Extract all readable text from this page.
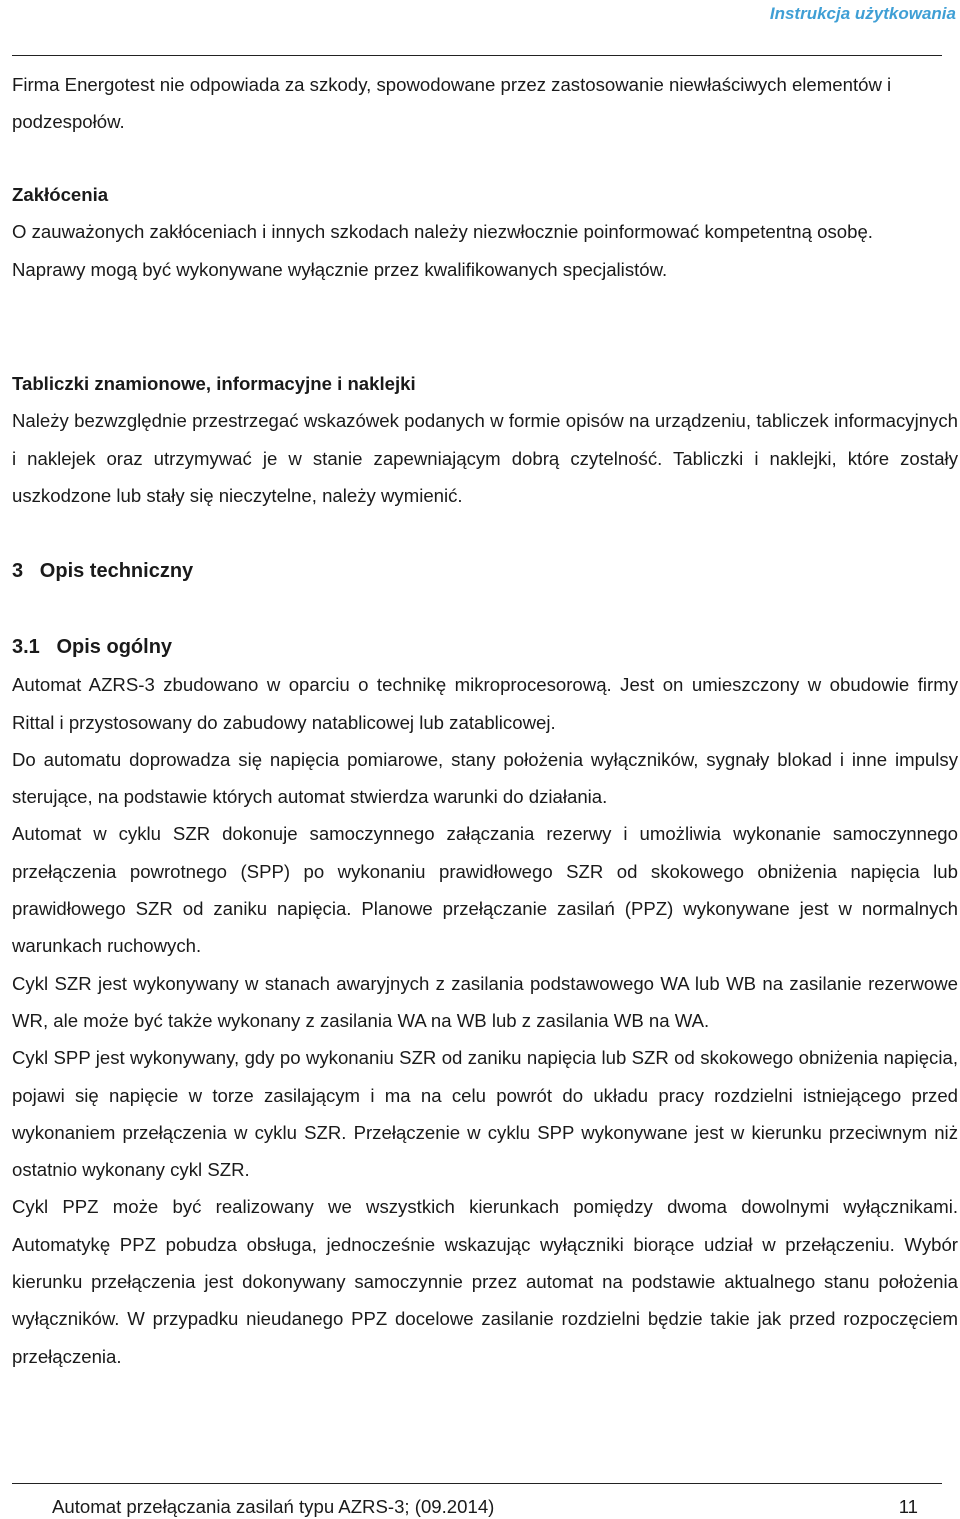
Instrukcja użytkowania

Firma Energotest nie odpowiada za szkody, spowodowane przez zastosowanie niewłaściwych elementów i podzespołów.

Zakłócenia

O zauważonych zakłóceniach i innych szkodach należy niezwłocznie poinformować kompetentną osobę.

Naprawy mogą być wykonywane wyłącznie przez kwalifikowanych specjalistów.

Tabliczki znamionowe, informacyjne i naklejki

Należy bezwzględnie przestrzegać wskazówek podanych w formie opisów na urządzeniu, tabliczek informacyjnych i naklejek oraz utrzymywać je w stanie zapewniającym dobrą czytelność. Tabliczki i naklejki, które zostały uszkodzone lub stały się nieczytelne, należy wymienić.

3   Opis techniczny

3.1   Opis ogólny

Automat AZRS-3 zbudowano w oparciu o technikę mikroprocesorową. Jest on umieszczony w obudowie firmy Rittal i przystosowany do zabudowy natablicowej lub zatablicowej.

Do automatu doprowadza się napięcia pomiarowe, stany położenia wyłączników, sygnały blokad i inne impulsy sterujące, na podstawie których automat stwierdza warunki do działania.

Automat w cyklu SZR dokonuje samoczynnego załączania rezerwy i umożliwia wykonanie samoczynnego przełączenia powrotnego (SPP) po wykonaniu prawidłowego SZR od skokowego obniżenia napięcia lub prawidłowego SZR od zaniku napięcia. Planowe przełączanie zasilań (PPZ) wykonywane jest w normalnych warunkach ruchowych.

Cykl SZR jest wykonywany w stanach awaryjnych z zasilania podstawowego WA lub WB na zasilanie rezerwowe WR, ale może być także wykonany z zasilania WA na WB lub z zasilania WB na WA.

Cykl SPP jest wykonywany, gdy po wykonaniu SZR od zaniku napięcia lub SZR od skokowego obniżenia napięcia, pojawi się napięcie w torze zasilającym i ma na celu powrót do układu pracy rozdzielni istniejącego przed wykonaniem przełączenia w cyklu SZR. Przełączenie w cyklu SPP wykonywane jest w kierunku przeciwnym niż ostatnio wykonany cykl SZR.

Cykl PPZ może być realizowany we wszystkich kierunkach pomiędzy dwoma dowolnymi wyłącznikami. Automatykę PPZ pobudza obsługa, jednocześnie wskazując wyłączniki biorące udział w przełączeniu. Wybór kierunku przełączenia jest dokonywany samoczynnie przez automat na podstawie aktualnego stanu położenia wyłączników. W przypadku nieudanego PPZ docelowe zasilanie rozdzielni będzie takie jak przed rozpoczęciem przełączenia.

Automat przełączania zasilań typu AZRS-3; (09.2014)	11
